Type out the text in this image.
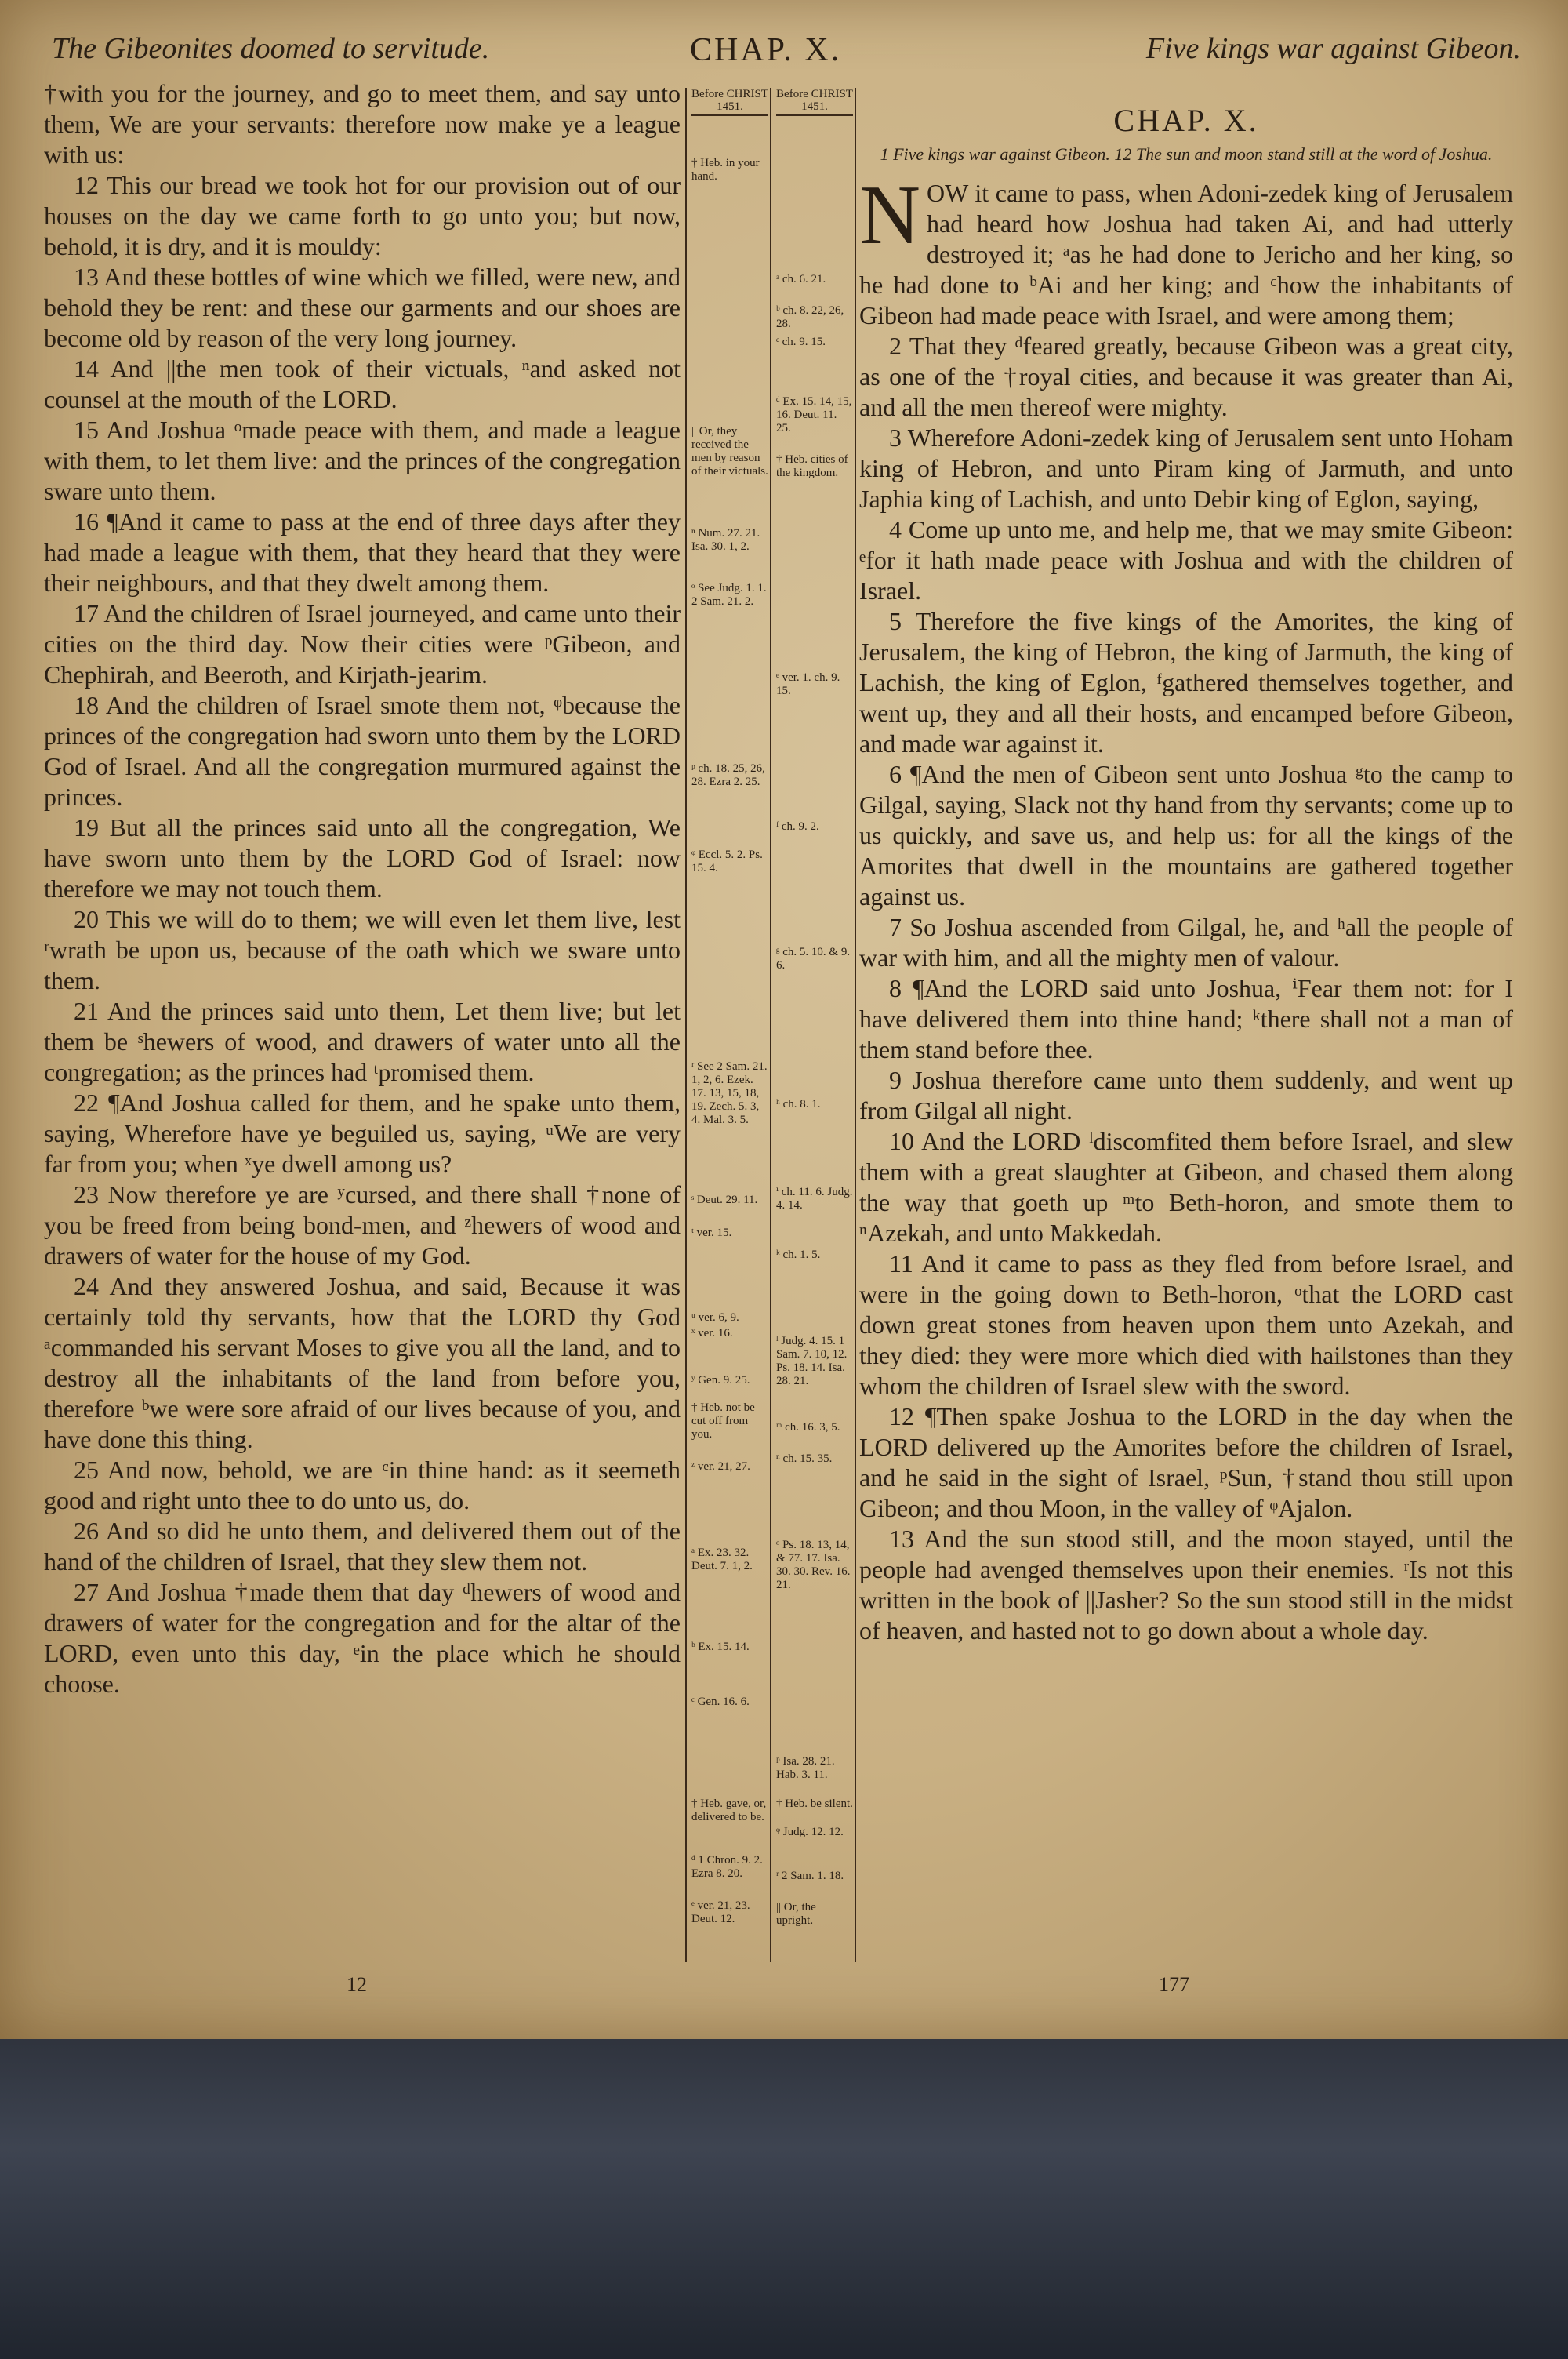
The Gibeonites doomed to servitude.	CHAP. X.	Five kings war against Gibeon.

†with you for the journey, and go to meet them, and say unto them, We are your servants: therefore now make ye a league with us:

12 This our bread we took hot for our provision out of our houses on the day we came forth to go unto you; but now, behold, it is dry, and it is mouldy:

13 And these bottles of wine which we filled, were new, and behold they be rent: and these our garments and our shoes are become old by reason of the very long journey.

14 And ||the men took of their victuals, ⁿand asked not counsel at the mouth of the LORD.

15 And Joshua ᵒmade peace with them, and made a league with them, to let them live: and the princes of the congregation sware unto them.

16 ¶And it came to pass at the end of three days after they had made a league with them, that they heard that they were their neighbours, and that they dwelt among them.

17 And the children of Israel journeyed, and came unto their cities on the third day. Now their cities were ᵖGibeon, and Chephirah, and Beeroth, and Kirjath-jearim.

18 And the children of Israel smote them not, ᵠbecause the princes of the congregation had sworn unto them by the LORD God of Israel. And all the congregation murmured against the princes.

19 But all the princes said unto all the congregation, We have sworn unto them by the LORD God of Israel: now therefore we may not touch them.

20 This we will do to them; we will even let them live, lest ʳwrath be upon us, because of the oath which we sware unto them.

21 And the princes said unto them, Let them live; but let them be ˢhewers of wood, and drawers of water unto all the congregation; as the princes had ᵗpromised them.

22 ¶And Joshua called for them, and he spake unto them, saying, Wherefore have ye beguiled us, saying, ᵘWe are very far from you; when ˣye dwell among us?

23 Now therefore ye are ʸcursed, and there shall †none of you be freed from being bond-men, and ᶻhewers of wood and drawers of water for the house of my God.

24 And they answered Joshua, and said, Because it was certainly told thy servants, how that the LORD thy God ᵃcommanded his servant Moses to give you all the land, and to destroy all the inhabitants of the land from before you, therefore ᵇwe were sore afraid of our lives because of you, and have done this thing.

25 And now, behold, we are ᶜin thine hand: as it seemeth good and right unto thee to do unto us, do.

26 And so did he unto them, and delivered them out of the hand of the children of Israel, that they slew them not.

27 And Joshua †made them that day ᵈhewers of wood and drawers of water for the congregation and for the altar of the LORD, even unto this day, ᵉin the place which he should choose.

Before CHRIST 1451.
† Heb. in your hand.
|| Or, they received the men by reason of their victuals.
ⁿ Num. 27. 21. Isa. 30. 1, 2.
ᵒ See Judg. 1. 1. 2 Sam. 21. 2.
ᵖ ch. 18. 25, 26, 28. Ezra 2. 25.
ᵠ Eccl. 5. 2. Ps. 15. 4.
ʳ See 2 Sam. 21. 1, 2, 6. Ezek. 17. 13, 15, 18, 19. Zech. 5. 3, 4. Mal. 3. 5.
ˢ Deut. 29. 11.
ᵗ ver. 15.
ᵘ ver. 6, 9.
ˣ ver. 16.
ʸ Gen. 9. 25.
† Heb. not be cut off from you.
ᶻ ver. 21, 27.
ᵃ Ex. 23. 32. Deut. 7. 1, 2.
ᵇ Ex. 15. 14.
ᶜ Gen. 16. 6.
† Heb. gave, or, delivered to be.
ᵈ 1 Chron. 9. 2. Ezra 8. 20.
ᵉ ver. 21, 23. Deut. 12.
Before CHRIST 1451.
ᵃ ch. 6. 21.
ᵇ ch. 8. 22, 26, 28.
ᶜ ch. 9. 15.
ᵈ Ex. 15. 14, 15, 16. Deut. 11. 25.
† Heb. cities of the kingdom.
ᵉ ver. 1. ch. 9. 15.
ᶠ ch. 9. 2.
ᵍ ch. 5. 10. & 9. 6.
ʰ ch. 8. 1.
ⁱ ch. 11. 6. Judg. 4. 14.
ᵏ ch. 1. 5.
ˡ Judg. 4. 15. 1 Sam. 7. 10, 12. Ps. 18. 14. Isa. 28. 21.
ᵐ ch. 16. 3, 5.
ⁿ ch. 15. 35.
ᵒ Ps. 18. 13, 14, & 77. 17. Isa. 30. 30. Rev. 16. 21.
ᵖ Isa. 28. 21. Hab. 3. 11.
† Heb. be silent.
ᵠ Judg. 12. 12.
ʳ 2 Sam. 1. 18.
|| Or, the upright.
CHAP. X.

1 Five kings war against Gibeon. 12 The sun and moon stand still at the word of Joshua.

NOW it came to pass, when Adoni-zedek king of Jerusalem had heard how Joshua had taken Ai, and had utterly destroyed it; ᵃas he had done to Jericho and her king, so he had done to ᵇAi and her king; and ᶜhow the inhabitants of Gibeon had made peace with Israel, and were among them;

2 That they ᵈfeared greatly, because Gibeon was a great city, as one of the †royal cities, and because it was greater than Ai, and all the men thereof were mighty.

3 Wherefore Adoni-zedek king of Jerusalem sent unto Hoham king of Hebron, and unto Piram king of Jarmuth, and unto Japhia king of Lachish, and unto Debir king of Eglon, saying,

4 Come up unto me, and help me, that we may smite Gibeon: ᵉfor it hath made peace with Joshua and with the children of Israel.

5 Therefore the five kings of the Amorites, the king of Jerusalem, the king of Hebron, the king of Jarmuth, the king of Lachish, the king of Eglon, ᶠgathered themselves together, and went up, they and all their hosts, and encamped before Gibeon, and made war against it.

6 ¶And the men of Gibeon sent unto Joshua ᵍto the camp to Gilgal, saying, Slack not thy hand from thy servants; come up to us quickly, and save us, and help us: for all the kings of the Amorites that dwell in the mountains are gathered together against us.

7 So Joshua ascended from Gilgal, he, and ʰall the people of war with him, and all the mighty men of valour.

8 ¶And the LORD said unto Joshua, ⁱFear them not: for I have delivered them into thine hand; ᵏthere shall not a man of them stand before thee.

9 Joshua therefore came unto them suddenly, and went up from Gilgal all night.

10 And the LORD ˡdiscomfited them before Israel, and slew them with a great slaughter at Gibeon, and chased them along the way that goeth up ᵐto Beth-horon, and smote them to ⁿAzekah, and unto Makkedah.

11 And it came to pass as they fled from before Israel, and were in the going down to Beth-horon, ᵒthat the LORD cast down great stones from heaven upon them unto Azekah, and they died: they were more which died with hailstones than they whom the children of Israel slew with the sword.

12 ¶Then spake Joshua to the LORD in the day when the LORD delivered up the Amorites before the children of Israel, and he said in the sight of Israel, ᵖSun, †stand thou still upon Gibeon; and thou Moon, in the valley of ᵠAjalon.

13 And the sun stood still, and the moon stayed, until the people had avenged themselves upon their enemies. ʳIs not this written in the book of ||Jasher? So the sun stood still in the midst of heaven, and hasted not to go down about a whole day.

12	177
